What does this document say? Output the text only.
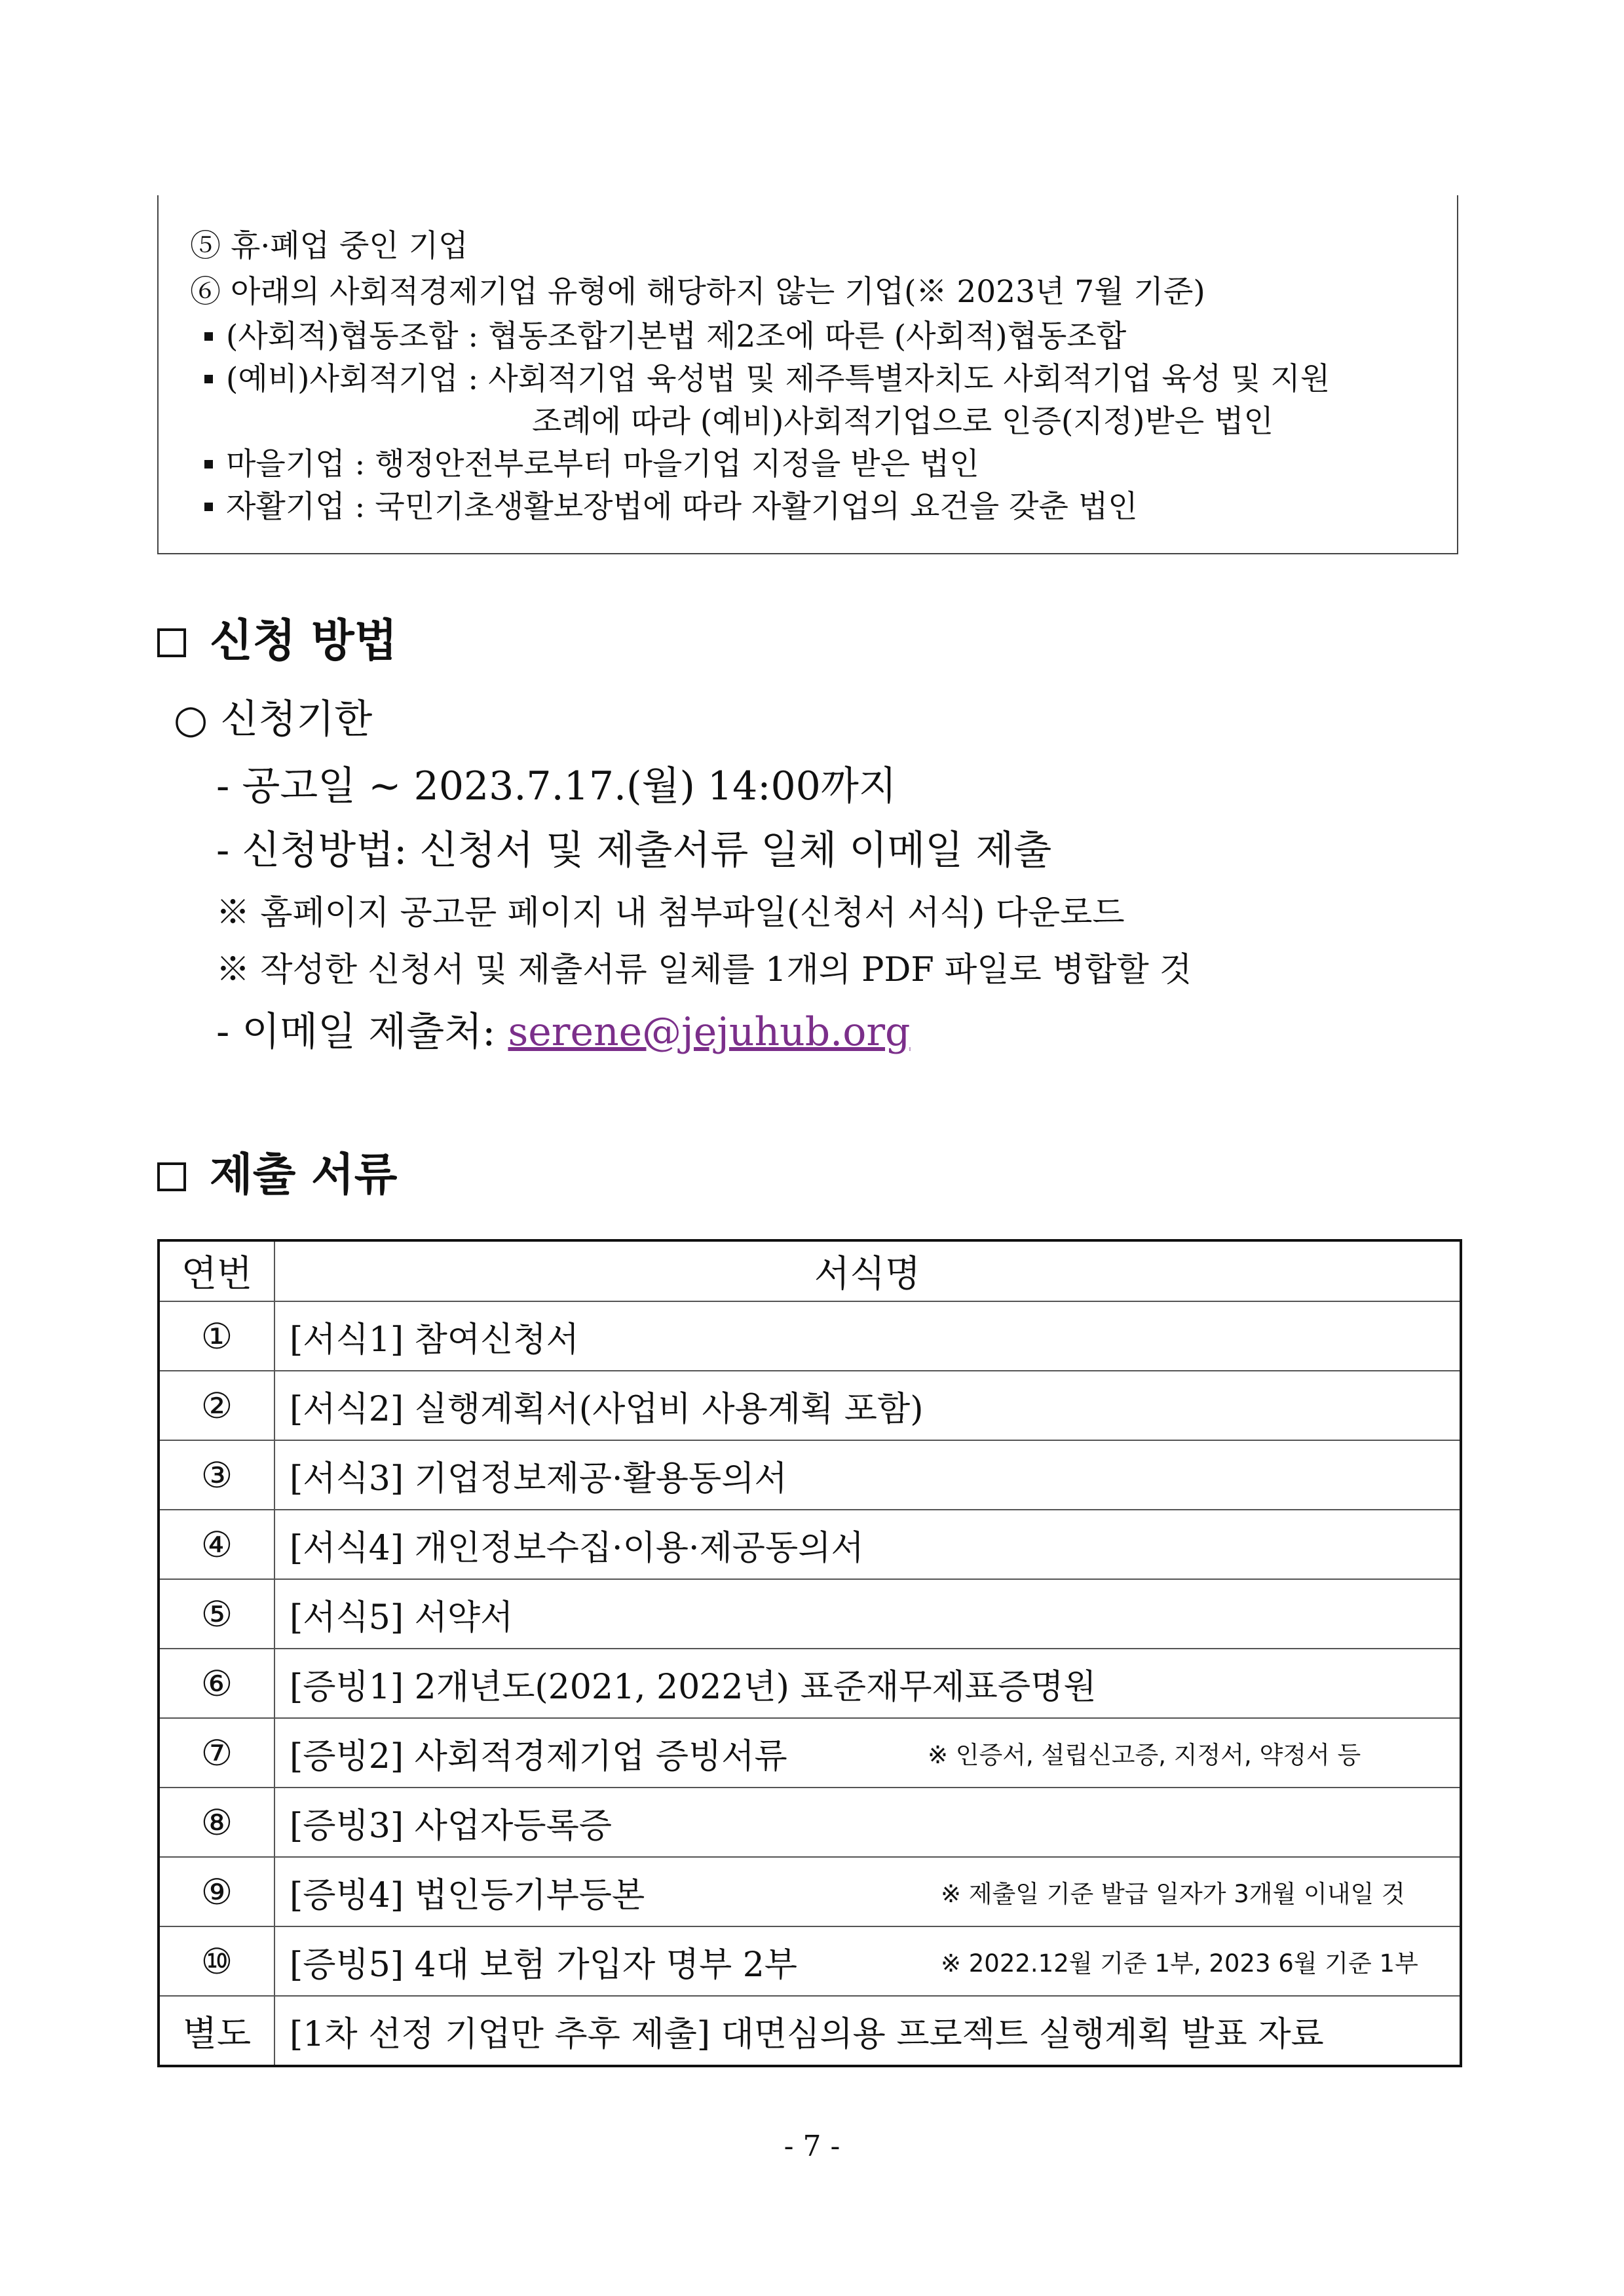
⑤ 휴·폐업 중인 기업
⑥ 아래의 사회적경제기업 유형에 해당하지 않는 기업(※ 2023년 7월 기준)
(사회적)협동조합 : 협동조합기본법 제2조에 따른 (사회적)협동조합
(예비)사회적기업 : 사회적기업 육성법 및 제주특별자치도 사회적기업 육성 및 지원
조례에 따라 (예비)사회적기업으로 인증(지정)받은 법인
마을기업 : 행정안전부로부터 마을기업 지정을 받은 법인
자활기업 : 국민기초생활보장법에 따라 자활기업의 요건을 갖춘 법인
신청 방법
○ 신청기한
- 공고일 ~ 2023.7.17.(월) 14:00까지
- 신청방법: 신청서 및 제출서류 일체 이메일 제출
※ 홈페이지 공고문 페이지 내 첨부파일(신청서 서식) 다운로드
※ 작성한 신청서 및 제출서류 일체를 1개의 PDF 파일로 병합할 것
- 이메일 제출처: serene@jejuhub.org
제출 서류
연번	서식명
①	[서식1] 참여신청서
②	[서식2] 실행계획서(사업비 사용계획 포함)
③	[서식3] 기업정보제공·활용동의서
④	[서식4] 개인정보수집·이용·제공동의서
⑤	[서식5] 서약서
⑥	[증빙1] 2개년도(2021, 2022년) 표준재무제표증명원
⑦	[증빙2] 사회적경제기업 증빙서류 ※ 인증서, 설립신고증, 지정서, 약정서 등

⑧	[증빙3] 사업자등록증
⑨	[증빙4] 법인등기부등본 ※ 제출일 기준 발급 일자가 3개월 이내일 것

⑩	[증빙5] 4대 보험 가입자 명부 2부 ※ 2022.12월 기준 1부, 2023 6월 기준 1부

별도	[1차 선정 기업만 추후 제출] 대면심의용 프로젝트 실행계획 발표 자료
- 7 -
